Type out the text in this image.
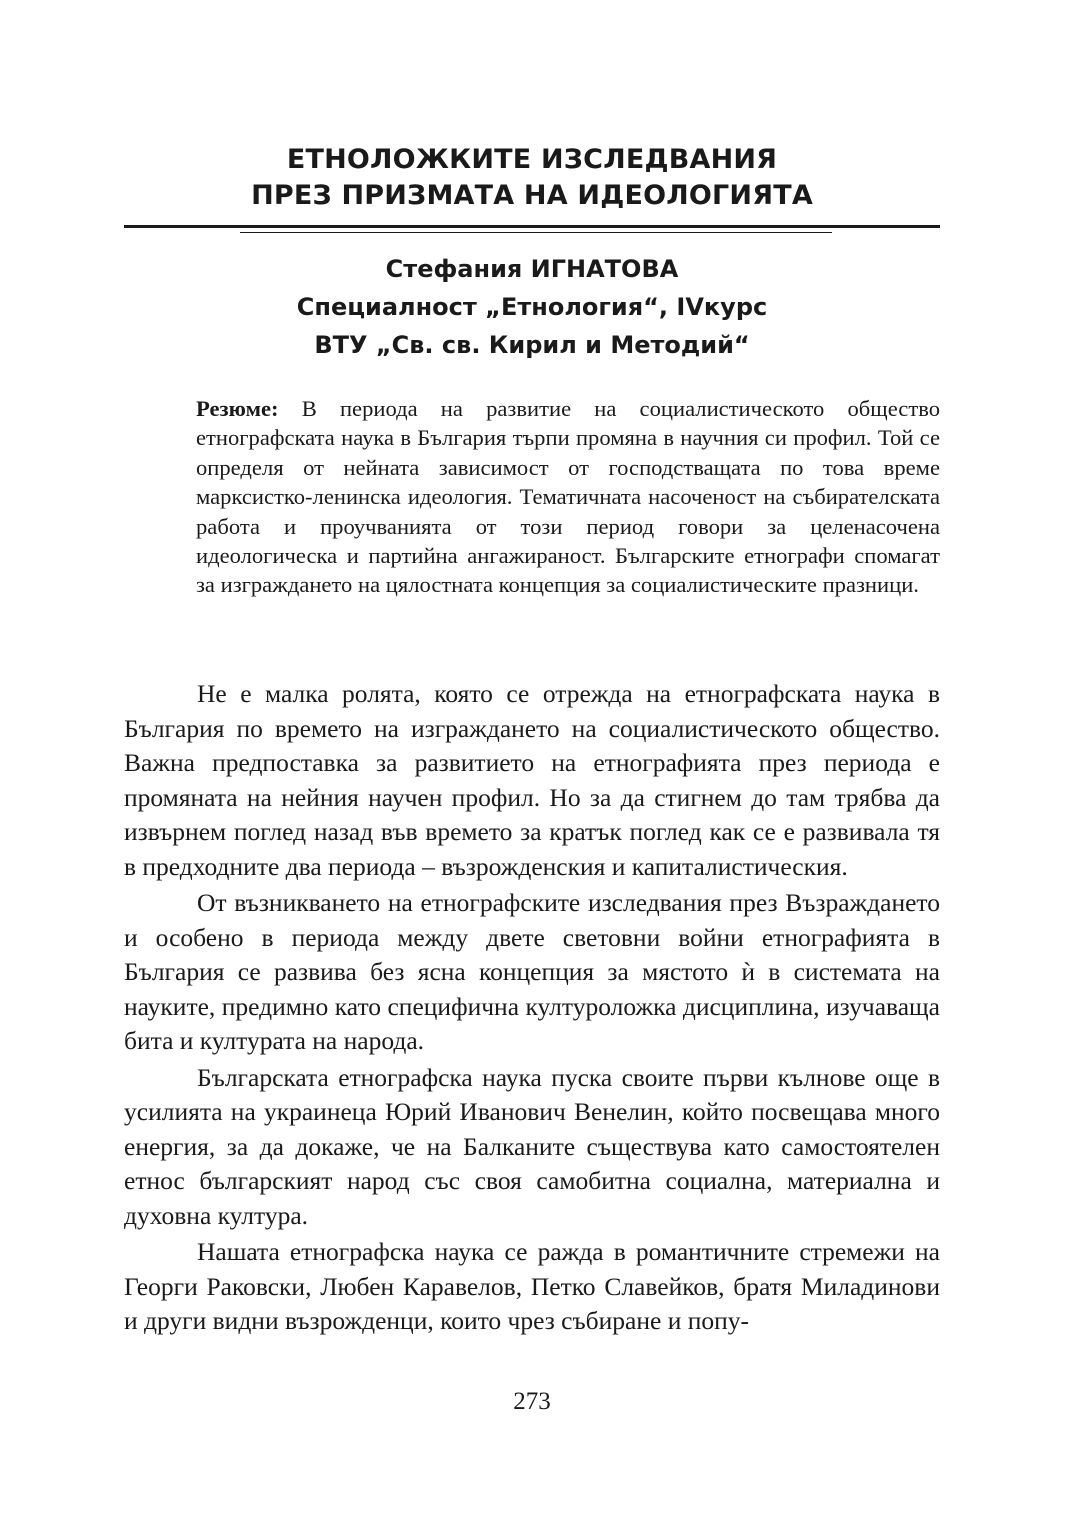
ЕТНОЛОЖКИТЕ ИЗСЛЕДВАНИЯ
ПРЕЗ ПРИЗМАТА НА ИДЕОЛОГИЯТА
Стефания ИГНАТОВА
Специалност „Етнология“, IVкурс
ВТУ „Св. св. Кирил и Методий“
Резюме: В периода на развитие на социалистическото общество етнографската наука в България търпи промяна в научния си профил. Той се определя от нейната зависимост от господстващата по това време марксистко-ленинска идеология. Тематичната насоченост на събирателската работа и проучванията от този период говори за целенасочена идеологическа и партийна ангажираност. Българските етнографи спомагат за изграждането на цялостната концепция за социалистическите празници.

Не е малка ролята, която се отрежда на етнографската наука в България по времето на изграждането на социалистическото общество. Важна предпоставка за развитието на етнографията през периода е промяната на нейния научен профил. Но за да стигнем до там трябва да извърнем поглед назад във времето за кратък поглед как се е развивала тя в предходните два периода – възрожденския и капиталистическия.

От възникването на етнографските изследвания през Възраждането и особено в периода между двете световни войни етнографията в България се развива без ясна концепция за мястото ѝ в системата на науките, предимно като специфична културоложка дисциплина, изучаваща бита и културата на народа.

Българската етнографска наука пуска своите първи кълнове още в усилията на украинеца Юрий Иванович Венелин, който посвещава много енергия, за да докаже, че на Балканите съществува като самостоятелен етнос българският народ със своя самобитна социална, материална и духовна култура.

Нашата етнографска наука се ражда в романтичните стремежи на Георги Раковски, Любен Каравелов, Петко Славейков, братя Миладинови и други видни възрожденци, които чрез събиране и попу-

273
